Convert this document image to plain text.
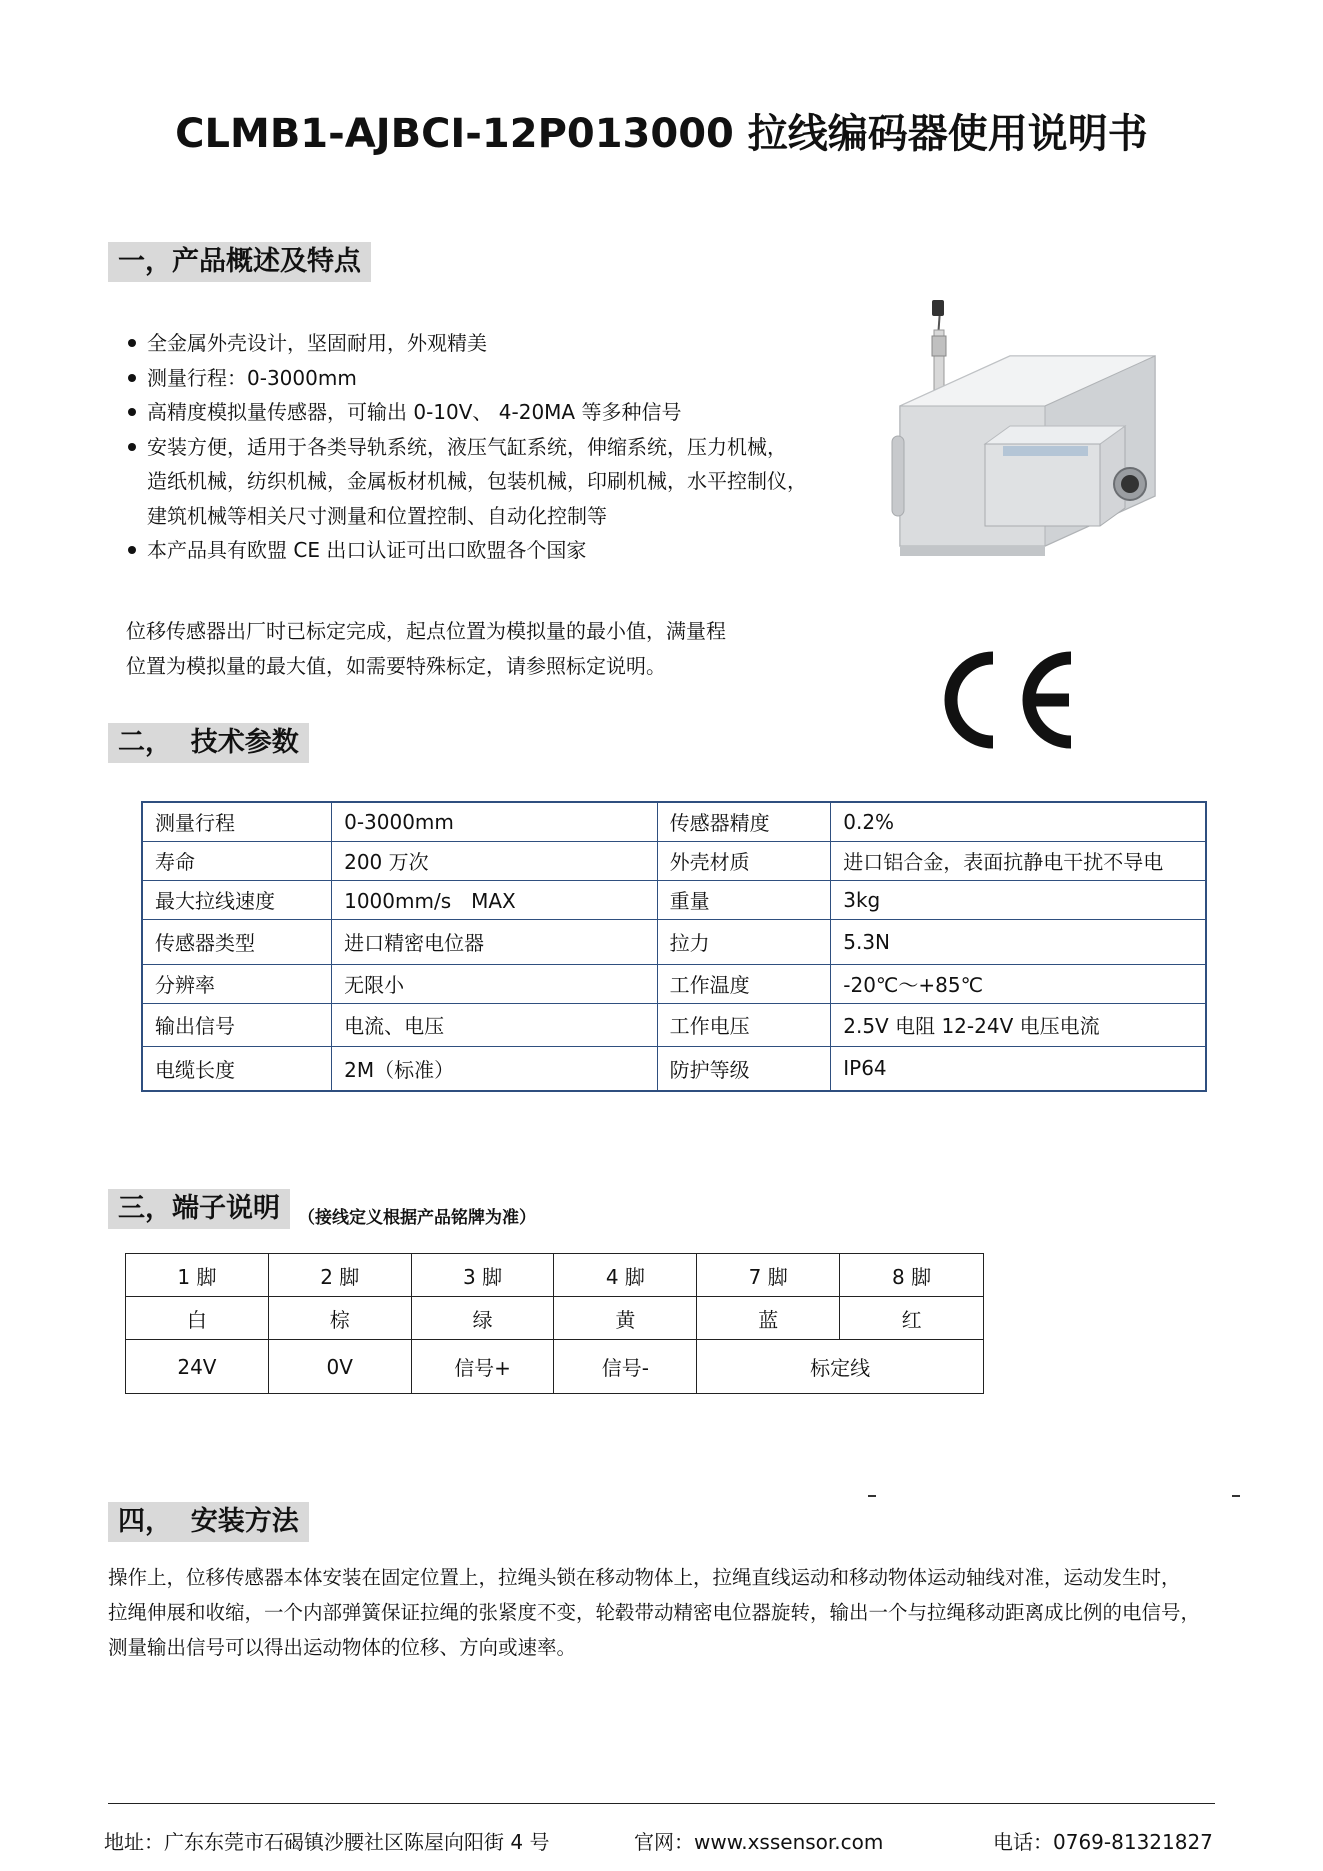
CLMB1-AJBCI-12P013000 拉线编码器使用说明书
一，产品概述及特点
全金属外壳设计，坚固耐用，外观精美
测量行程：0-3000mm
高精度模拟量传感器，可输出 0-10V、 4-20MA 等多种信号
安装方便，适用于各类导轨系统，液压气缸系统，伸缩系统，压力机械，
造纸机械，纺织机械，金属板材机械，包装机械，印刷机械，水平控制仪，
建筑机械等相关尺寸测量和位置控制、自动化控制等
本产品具有欧盟 CE 出口认证可出口欧盟各个国家
位移传感器出厂时已标定完成，起点位置为模拟量的最小值，满量程
位置为模拟量的最大值，如需要特殊标定，请参照标定说明。
二，  技术参数
测量行程	0-3000mm	传感器精度	0.2%
寿命	200 万次	外壳材质	进口铝合金，表面抗静电干扰不导电
最大拉线速度	1000mm/s　MAX	重量	3kg
传感器类型	进口精密电位器	拉力	5.3N
分辨率	无限小	工作温度	-20℃～+85℃
输出信号	电流、电压	工作电压	2.5V 电阻 12-24V 电压电流
电缆长度	2M（标准）	防护等级	IP64
三，端子说明	（接线定义根据产品铭牌为准）
1 脚	2 脚	3 脚	4 脚	7 脚	8 脚
白	棕	绿	黄	蓝	红
24V	0V	信号+	信号-	标定线	
四，  安装方法
操作上，位移传感器本体安装在固定位置上，拉绳头锁在移动物体上，拉绳直线运动和移动物体运动轴线对准，运动发生时，
拉绳伸展和收缩，一个内部弹簧保证拉绳的张紧度不变，轮毂带动精密电位器旋转，输出一个与拉绳移动距离成比例的电信号，
测量输出信号可以得出运动物体的位移、方向或速率。
地址：广东东莞市石碣镇沙腰社区陈屋向阳街 4 号	官网：www.xssensor.com	电话：0769-81321827
